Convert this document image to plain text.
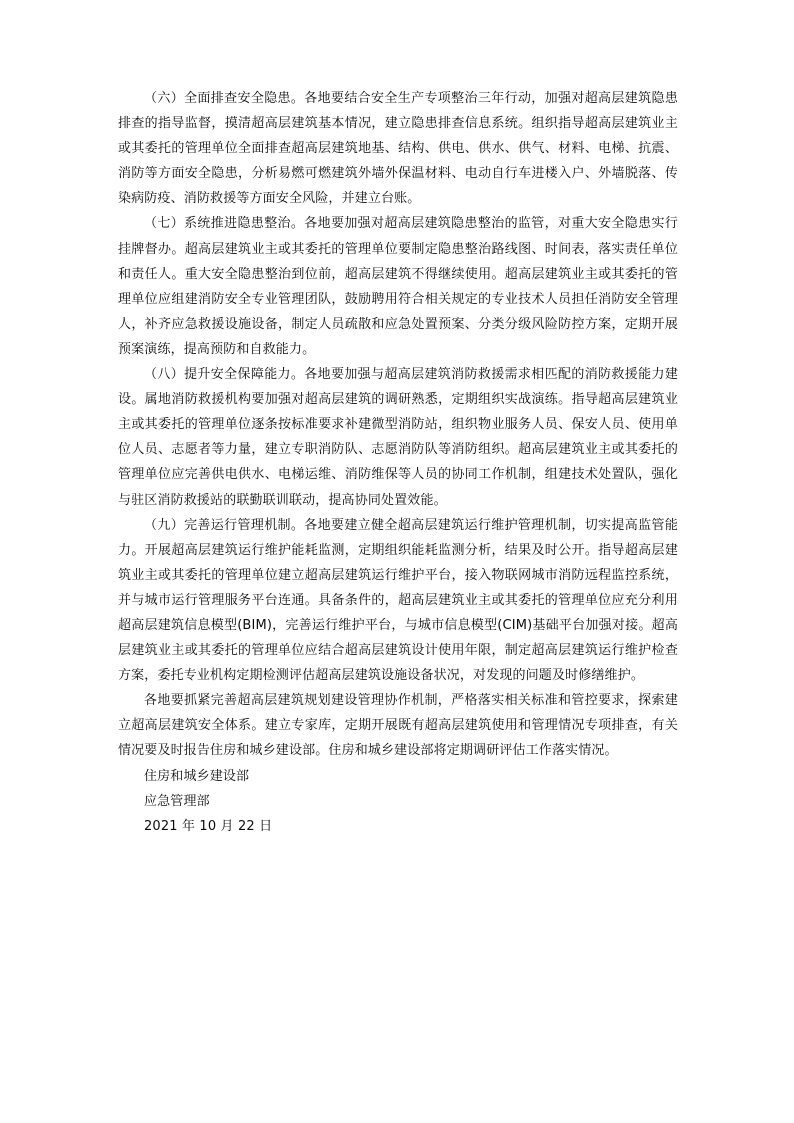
（六）全面排查安全隐患。各地要结合安全生产专项整治三年行动，加强对超高层建筑隐患排查的指导监督，摸清超高层建筑基本情况，建立隐患排查信息系统。组织指导超高层建筑业主或其委托的管理单位全面排查超高层建筑地基、结构、供电、供水、供气、材料、电梯、抗震、消防等方面安全隐患，分析易燃可燃建筑外墙外保温材料、电动自行车进楼入户、外墙脱落、传染病防疫、消防救援等方面安全风险，并建立台账。

（七）系统推进隐患整治。各地要加强对超高层建筑隐患整治的监管，对重大安全隐患实行挂牌督办。超高层建筑业主或其委托的管理单位要制定隐患整治路线图、时间表，落实责任单位和责任人。重大安全隐患整治到位前，超高层建筑不得继续使用。超高层建筑业主或其委托的管理单位应组建消防安全专业管理团队，鼓励聘用符合相关规定的专业技术人员担任消防安全管理人，补齐应急救援设施设备，制定人员疏散和应急处置预案、分类分级风险防控方案，定期开展预案演练，提高预防和自救能力。

（八）提升安全保障能力。各地要加强与超高层建筑消防救援需求相匹配的消防救援能力建设。属地消防救援机构要加强对超高层建筑的调研熟悉，定期组织实战演练。指导超高层建筑业主或其委托的管理单位逐条按标准要求补建微型消防站，组织物业服务人员、保安人员、使用单位人员、志愿者等力量，建立专职消防队、志愿消防队等消防组织。超高层建筑业主或其委托的管理单位应完善供电供水、电梯运维、消防维保等人员的协同工作机制，组建技术处置队，强化与驻区消防救援站的联勤联训联动，提高协同处置效能。

（九）完善运行管理机制。各地要建立健全超高层建筑运行维护管理机制，切实提高监管能力。开展超高层建筑运行维护能耗监测，定期组织能耗监测分析，结果及时公开。指导超高层建筑业主或其委托的管理单位建立超高层建筑运行维护平台，接入物联网城市消防远程监控系统，并与城市运行管理服务平台连通。具备条件的，超高层建筑业主或其委托的管理单位应充分利用超高层建筑信息模型(BIM)，完善运行维护平台，与城市信息模型(CIM)基础平台加强对接。超高层建筑业主或其委托的管理单位应结合超高层建筑设计使用年限，制定超高层建筑运行维护检查方案，委托专业机构定期检测评估超高层建筑设施设备状况，对发现的问题及时修缮维护。

各地要抓紧完善超高层建筑规划建设管理协作机制，严格落实相关标准和管控要求，探索建立超高层建筑安全体系。建立专家库，定期开展既有超高层建筑使用和管理情况专项排查，有关情况要及时报告住房和城乡建设部。住房和城乡建设部将定期调研评估工作落实情况。

住房和城乡建设部

应急管理部

2021 年 10 月 22 日
